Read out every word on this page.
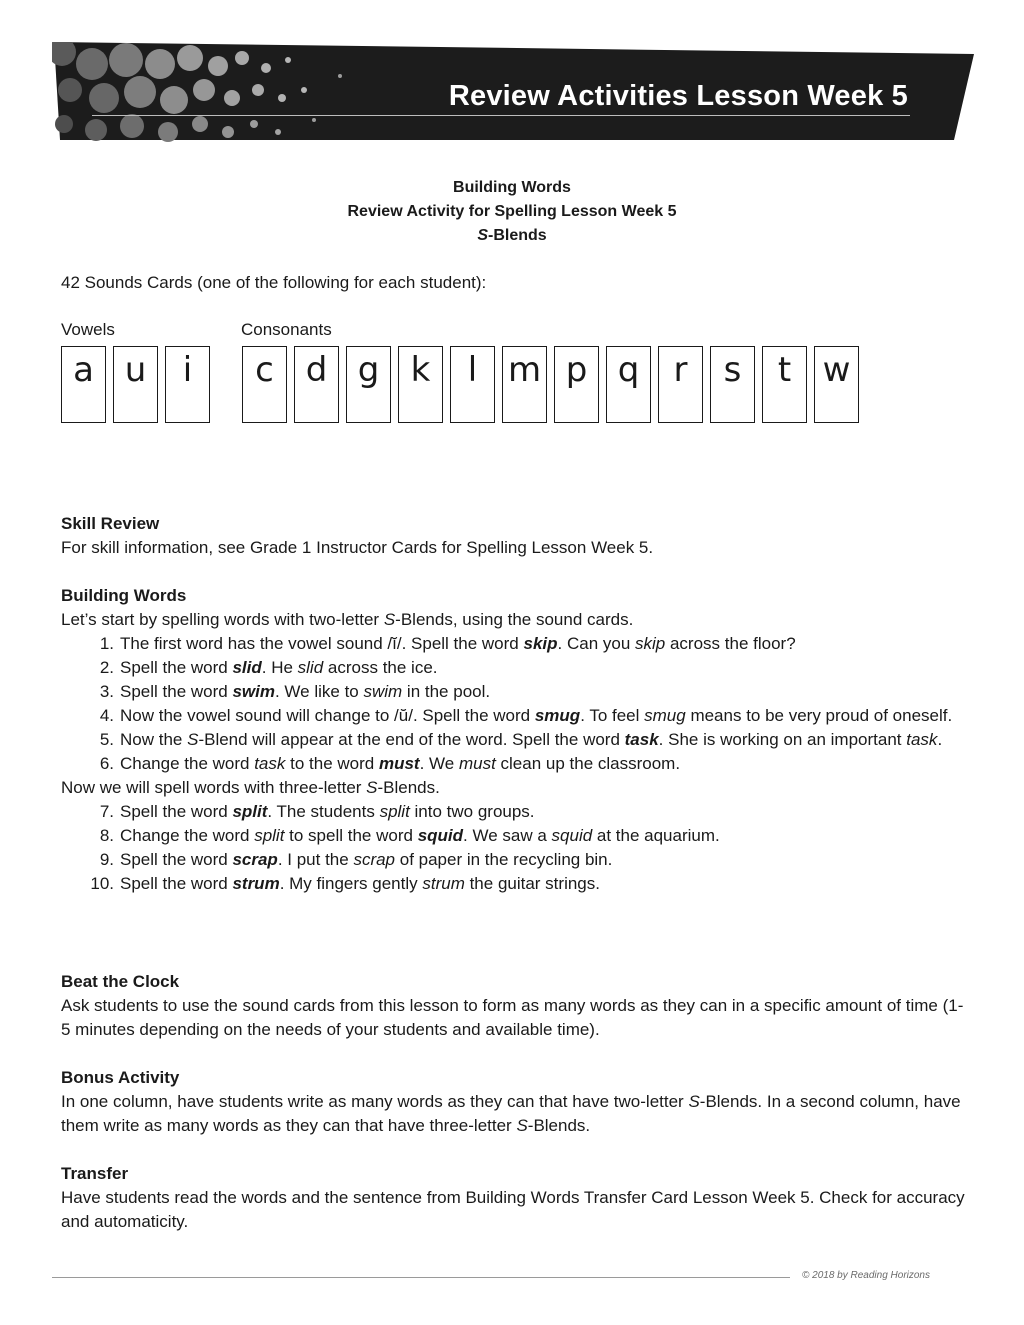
Review Activities Lesson Week 5
Building Words
Review Activity for Spelling Lesson Week 5
S-Blends
42 Sounds Cards (one of the following for each student):
Vowels	Consonants
a u	i	c d g k	l m p q	r	s	t w
Skill Review
For skill information, see Grade 1 Instructor Cards for Spelling Lesson Week 5.
Building Words
Let’s start by spelling words with two-letter S-Blends, using the sound cards.
1. The first word has the vowel sound /ĭ/. Spell the word skip. Can you skip across the floor?
2. Spell the word slid. He slid across the ice.
3. Spell the word swim. We like to swim in the pool.
4. Now the vowel sound will change to /ŭ/. Spell the word smug. To feel smug means to be very proud of oneself.
5. Now the S-Blend will appear at the end of the word. Spell the word task. She is working on an important task.
6. Change the word task to the word must. We must clean up the classroom.
Now we will spell words with three-letter S-Blends.
7. Spell the word split. The students split into two groups.
8. Change the word split to spell the word squid. We saw a squid at the aquarium.
9. Spell the word scrap. I put the scrap of paper in the recycling bin.
10. Spell the word strum. My fingers gently strum the guitar strings.
Beat the Clock
Ask students to use the sound cards from this lesson to form as many words as they can in a specific amount of time (1-5 minutes depending on the needs of your students and available time).
Bonus Activity
In one column, have students write as many words as they can that have two-letter S-Blends. In a second column, have them write as many words as they can that have three-letter S-Blends.
Transfer
Have students read the words and the sentence from Building Words Transfer Card Lesson Week 5. Check for accuracy and automaticity.
© 2018 by Reading Horizons
